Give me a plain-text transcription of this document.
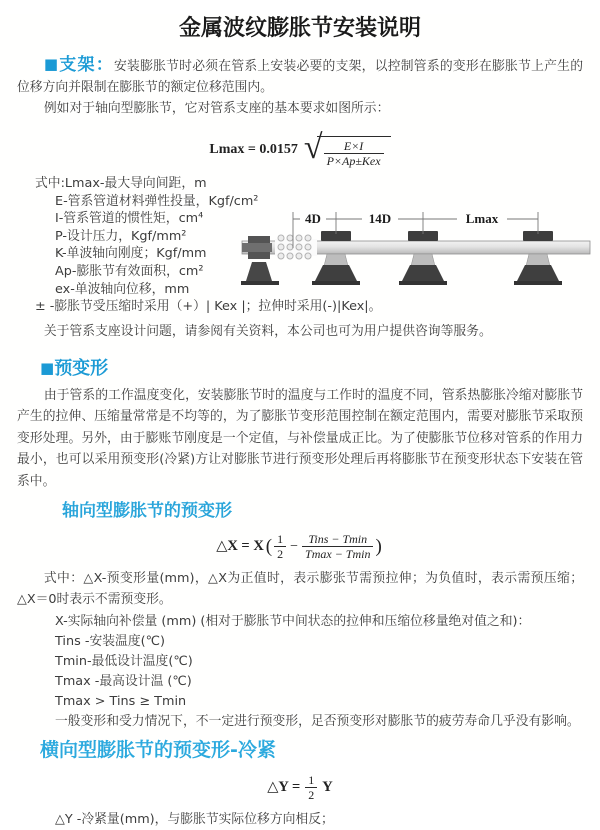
金属波纹膨胀节安装说明

■支架：安装膨胀节时必须在管系上安装必要的支架，以控制管系的变形在膨胀节上产生的位移方向并限制在膨胀节的额定位移范围内。

例如对于轴向型膨胀节，它对管系支座的基本要求如图所示：

Lmax = 0.0157 √ $\frac{E\times I}{\text{P×Ap±Kex}}$
式中:Lmax-最大导向间距，m
E-管系管道材料弹性投量，Kgf/cm²
I-管系管道的惯性矩，cm⁴
P-设计压力，Kgf/mm²
K-单波轴向刚度；Kgf/mm
Ap-膨胀节有效面积，cm²
ex-单波轴向位移，mm
± -膨胀节受压缩时采用（+）| Kex |；拉伸时采用(-)|Kex|。

关于管系支座设计问题，请参阅有关资料，本公司也可为用户提供咨询等服务。

4D	14D	Lmax
■预变形

由于管系的工作温度变化，安装膨胀节时的温度与工作时的温度不同，管系热膨胀冷缩对膨胀节产生的拉伸、压缩量常常是不均等的，为了膨胀节变形范围控制在额定范围内，需要对膨胀节采取预变形处理。另外，由于膨账节刚度是一个定值，与补偿量成正比。为了使膨胀节位移对管系的作用力最小，也可以采用预变形(冷紧)方让对膨胀节进行预变形处理后再将膨胀节在预变形状态下安装在管系中。

轴向型膨胀节的预变形
△X = X ( $\frac{1}{2} - \frac{\text{Tins − Tmin}}{Tmax - Tmin}$ )

式中：△X-预变形量(mm)，△X为正值时，表示膨张节需预拉伸；为负值时，表示需预压缩；△X＝0时表示不需预变形。

X-实际轴向补偿量 (mm) (相对于膨胀节中间状态的拉伸和压缩位移量绝对值之和)：
Tins -安装温度(℃)
Tmin-最低设计温度(℃)
Tmax -最高设计温 (℃)
Tmax > Tins ≥ Tmin
一般变形和受力情况下，不一定进行预变形，足否预变形对膨胀节的疲劳寿命几乎没有影响。
横向型膨胀节的预变形-冷紧
△Y = $\frac{1}{2}$ Y
△Y -冷紧量(mm)，与膨胀节实际位移方向相反；
